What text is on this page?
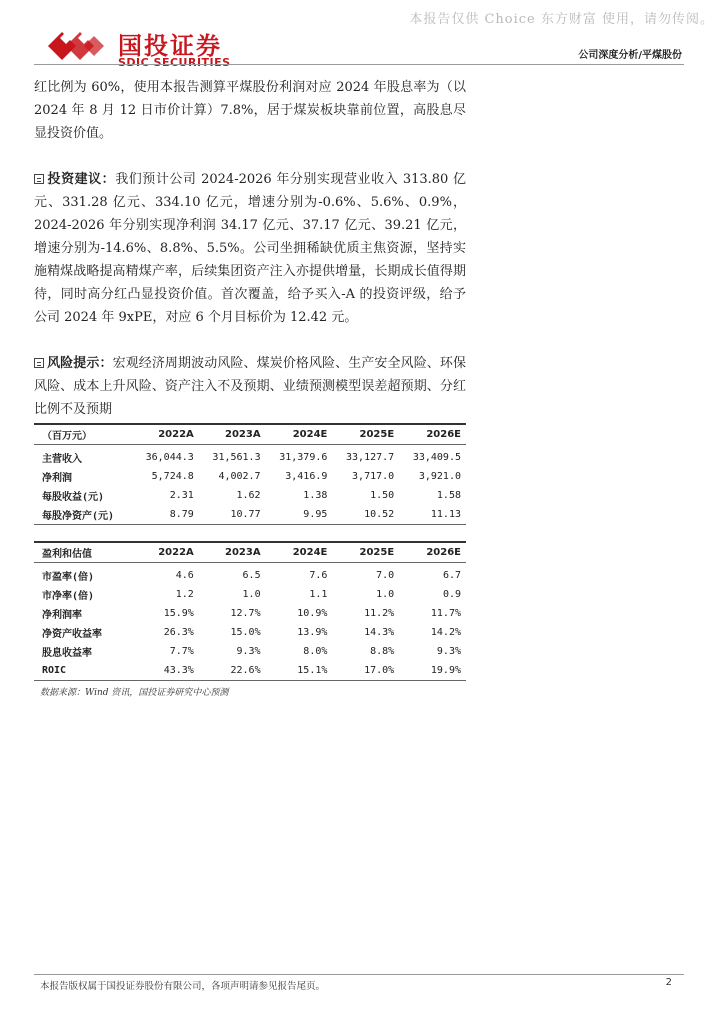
本报告仅供 Choice 东方财富 使用，请勿传阅。
国投证券
SDIC SECURITIES
公司深度分析/平煤股份

红比例为 60%，使用本报告测算平煤股份利润对应 2024 年股息率为（以 2024 年 8 月 12 日市价计算）7.8%，居于煤炭板块靠前位置，高股息尽显投资价值。

投资建议：我们预计公司 2024-2026 年分别实现营业收入 313.80 亿元、331.28 亿元、334.10 亿元，增速分别为-0.6%、5.6%、0.9%，2024-2026 年分别实现净利润 34.17 亿元、37.17 亿元、39.21 亿元，增速分别为-14.6%、8.8%、5.5%。公司坐拥稀缺优质主焦资源，坚持实施精煤战略提高精煤产率，后续集团资产注入亦提供增量，长期成长值得期待，同时高分红凸显投资价值。首次覆盖，给予买入-A 的投资评级，给予公司 2024 年 9xPE，对应 6 个月目标价为 12.42 元。

风险提示：宏观经济周期波动风险、煤炭价格风险、生产安全风险、环保风险、成本上升风险、资产注入不及预期、业绩预测模型误差超预期、分红比例不及预期

（百万元）	2022A	2023A	2024E	2025E	2026E
主营收入	36,044.3	31,561.3	31,379.6	33,127.7	33,409.5
净利润	5,724.8	4,002.7	3,416.9	3,717.0	3,921.0
每股收益(元)	2.31	1.62	1.38	1.50	1.58
每股净资产(元)	8.79	10.77	9.95	10.52	11.13
盈利和估值	2022A	2023A	2024E	2025E	2026E
市盈率(倍)	4.6	6.5	7.6	7.0	6.7
市净率(倍)	1.2	1.0	1.1	1.0	0.9
净利润率	15.9%	12.7%	10.9%	11.2%	11.7%
净资产收益率	26.3%	15.0%	13.9%	14.3%	14.2%
股息收益率	7.7%	9.3%	8.0%	8.8%	9.3%
ROIC	43.3%	22.6%	15.1%	17.0%	19.9%
数据来源：Wind 资讯，国投证券研究中心预测
本报告版权属于国投证券股份有限公司，各项声明请参见报告尾页。	2
